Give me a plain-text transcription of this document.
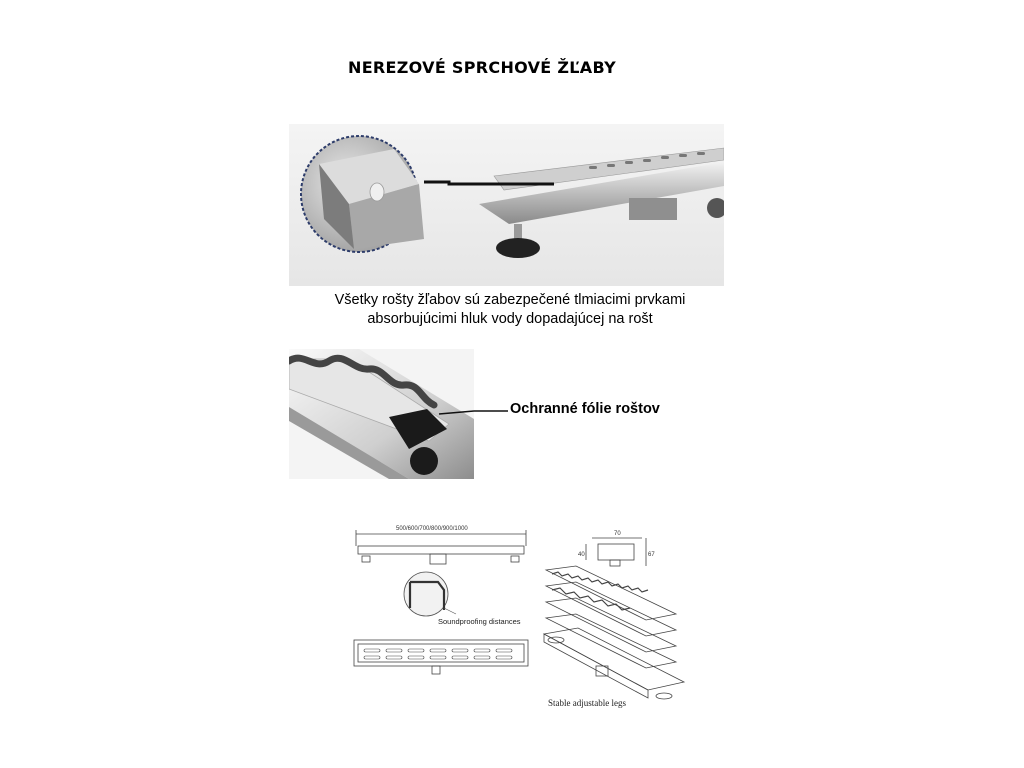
NEREZOVÉ SPRCHOVÉ ŽĽABY
Všetky rošty žľabov sú zabezpečené tlmiacimi prvkami
absorbujúcimi hluk vody dopadajúcej na rošt
Ochranné fólie roštov
500/600/700/800/900/1000
Soundproofing distances
70
40	67
Stable adjustable legs
